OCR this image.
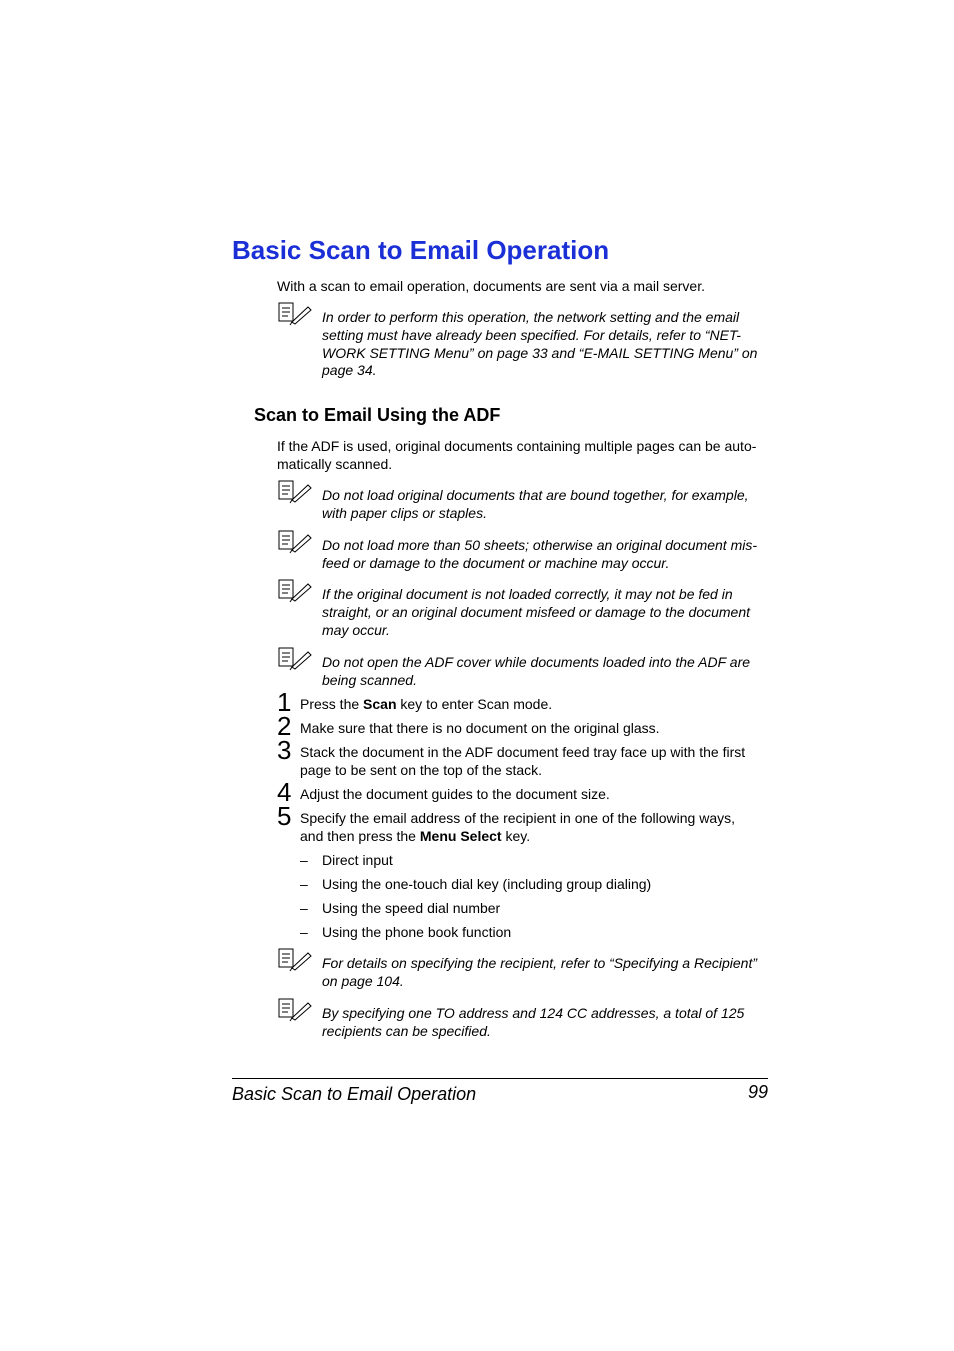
Basic Scan to Email Operation
With a scan to email operation, documents are sent via a mail server.
In order to perform this operation, the network setting and the email
setting must have already been specified. For details, refer to “NET-
WORK SETTING Menu” on page 33 and “E-MAIL SETTING Menu” on
page 34.
Scan to Email Using the ADF
If the ADF is used, original documents containing multiple pages can be auto-
matically scanned.
Do not load original documents that are bound together, for example,
with paper clips or staples.
Do not load more than 50 sheets; otherwise an original document mis-
feed or damage to the document or machine may occur.
If the original document is not loaded correctly, it may not be fed in
straight, or an original document misfeed or damage to the document
may occur.
Do not open the ADF cover while documents loaded into the ADF are
being scanned.
1 Press the Scan key to enter Scan mode.
2 Make sure that there is no document on the original glass.
3 Stack the document in the ADF document feed tray face up with the first
page to be sent on the top of the stack.
4 Adjust the document guides to the document size.
5 Specify the email address of the recipient in one of the following ways,
and then press the Menu Select key.
– Direct input
– Using the one-touch dial key (including group dialing)
– Using the speed dial number
– Using the phone book function
For details on specifying the recipient, refer to “Specifying a Recipient”
on page 104.
By specifying one TO address and 124 CC addresses, a total of 125
recipients can be specified.
Basic Scan to Email Operation	99
